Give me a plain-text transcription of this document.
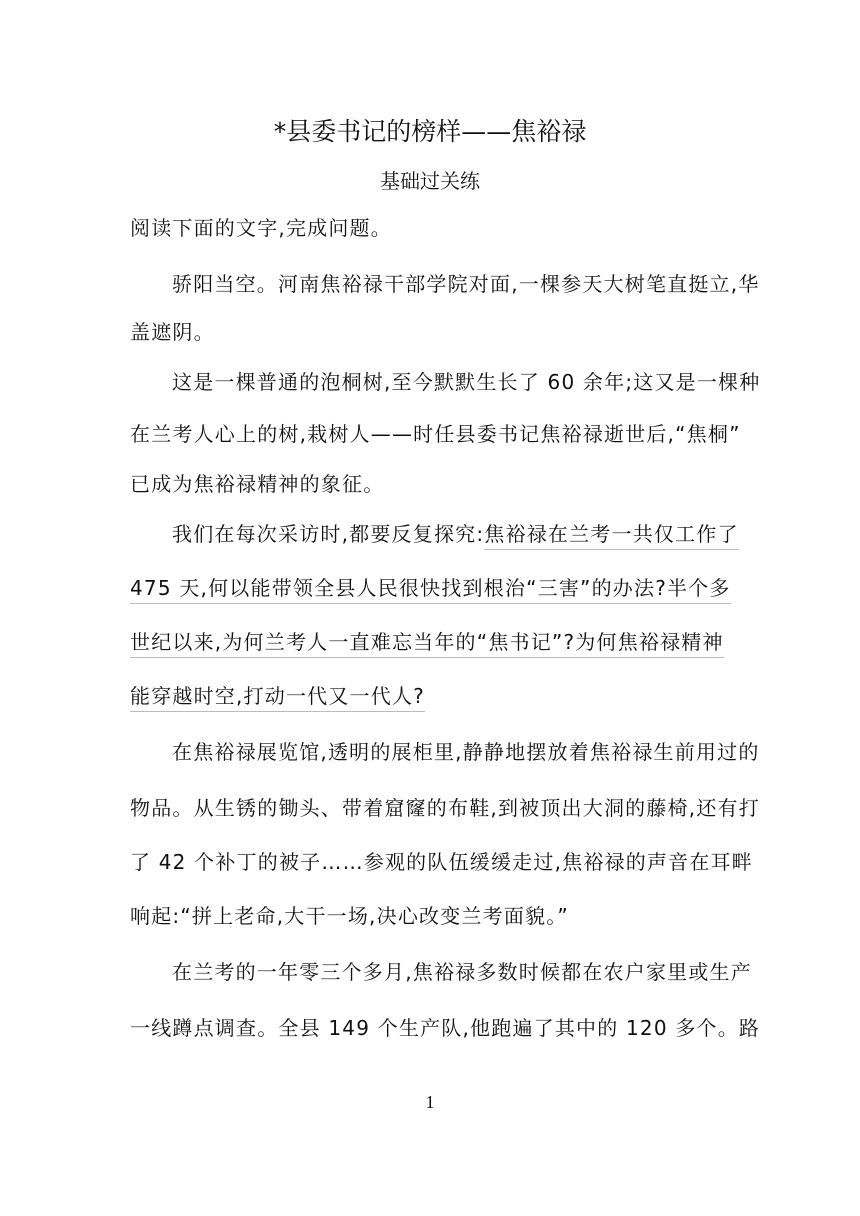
*县委书记的榜样——焦裕禄
基础过关练
阅读下面的文字,完成问题。
骄阳当空。河南焦裕禄干部学院对面,一棵参天大树笔直挺立,华
盖遮阴。
这是一棵普通的泡桐树,至今默默生长了 60 余年;这又是一棵种
在兰考人心上的树,栽树人——时任县委书记焦裕禄逝世后,“焦桐”
已成为焦裕禄精神的象征。
我们在每次采访时,都要反复探究:焦裕禄在兰考一共仅工作了
475 天,何以能带领全县人民很快找到根治“三害”的办法?半个多
世纪以来,为何兰考人一直难忘当年的“焦书记”?为何焦裕禄精神
能穿越时空,打动一代又一代人?
在焦裕禄展览馆,透明的展柜里,静静地摆放着焦裕禄生前用过的
物品。从生锈的锄头、带着窟窿的布鞋,到被顶出大洞的藤椅,还有打
了 42 个补丁的被子……参观的队伍缓缓走过,焦裕禄的声音在耳畔
响起:“拼上老命,大干一场,决心改变兰考面貌。”
在兰考的一年零三个多月,焦裕禄多数时候都在农户家里或生产
一线蹲点调查。全县 149 个生产队,他跑遍了其中的 120 多个。路
1
